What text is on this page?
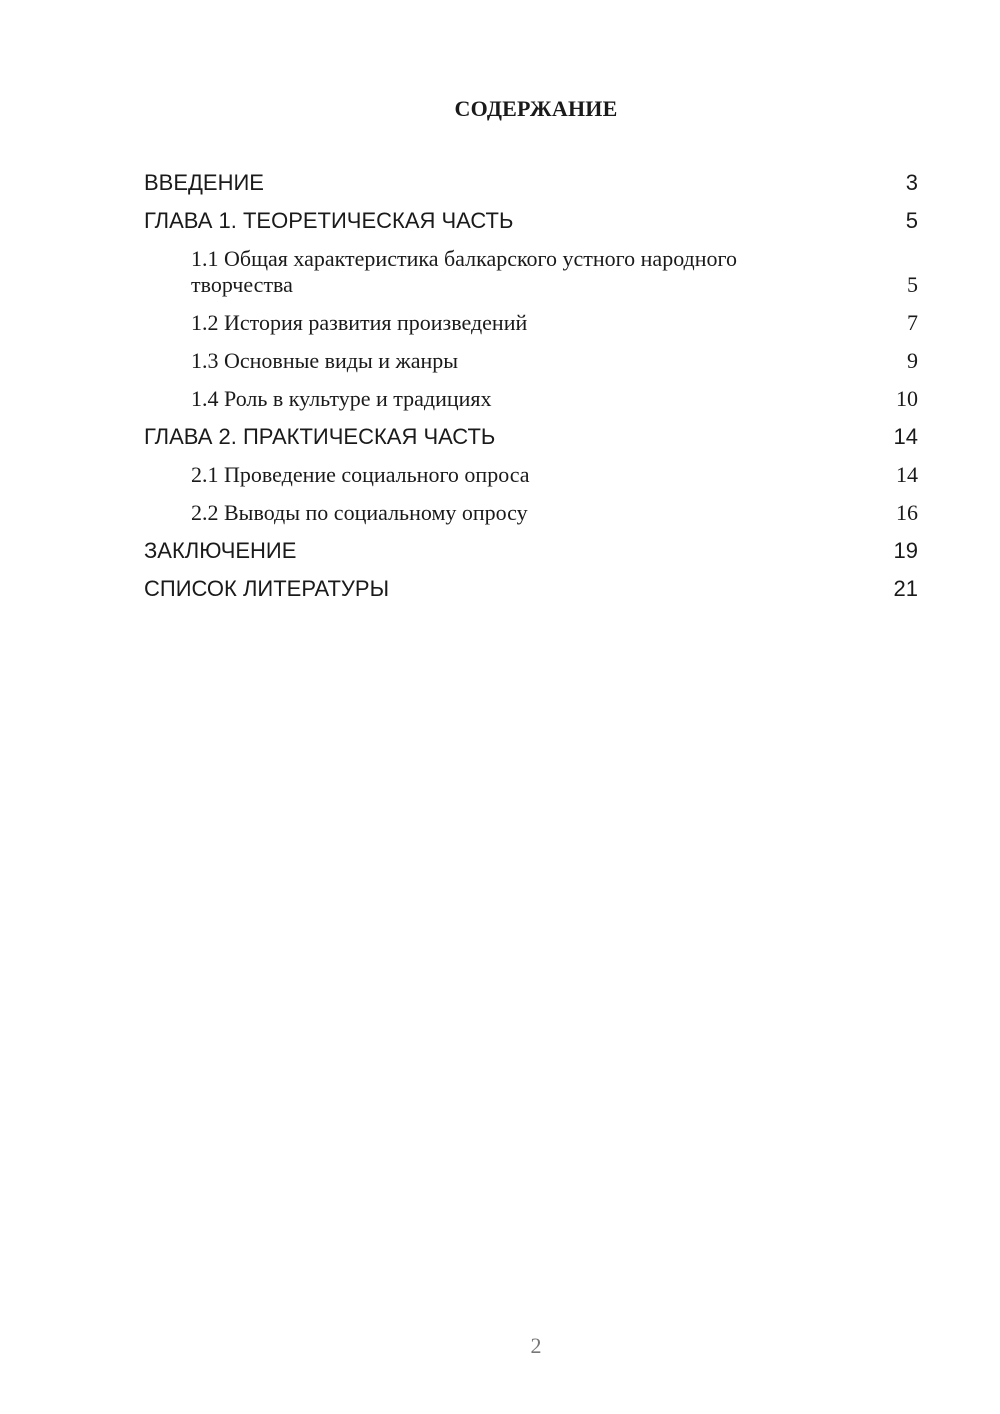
СОДЕРЖАНИЕ
ВВЕДЕНИЕ	3
ГЛАВА 1. ТЕОРЕТИЧЕСКАЯ ЧАСТЬ	5
1.1 Общая характеристика балкарского устного народного творчества	5
1.2 История развития произведений	7
1.3 Основные виды и жанры	9
1.4 Роль в культуре и традициях	10
ГЛАВА 2. ПРАКТИЧЕСКАЯ ЧАСТЬ	14
2.1 Проведение социального опроса	14
2.2 Выводы по социальному опросу	16
ЗАКЛЮЧЕНИЕ	19
СПИСОК ЛИТЕРАТУРЫ	21
2
